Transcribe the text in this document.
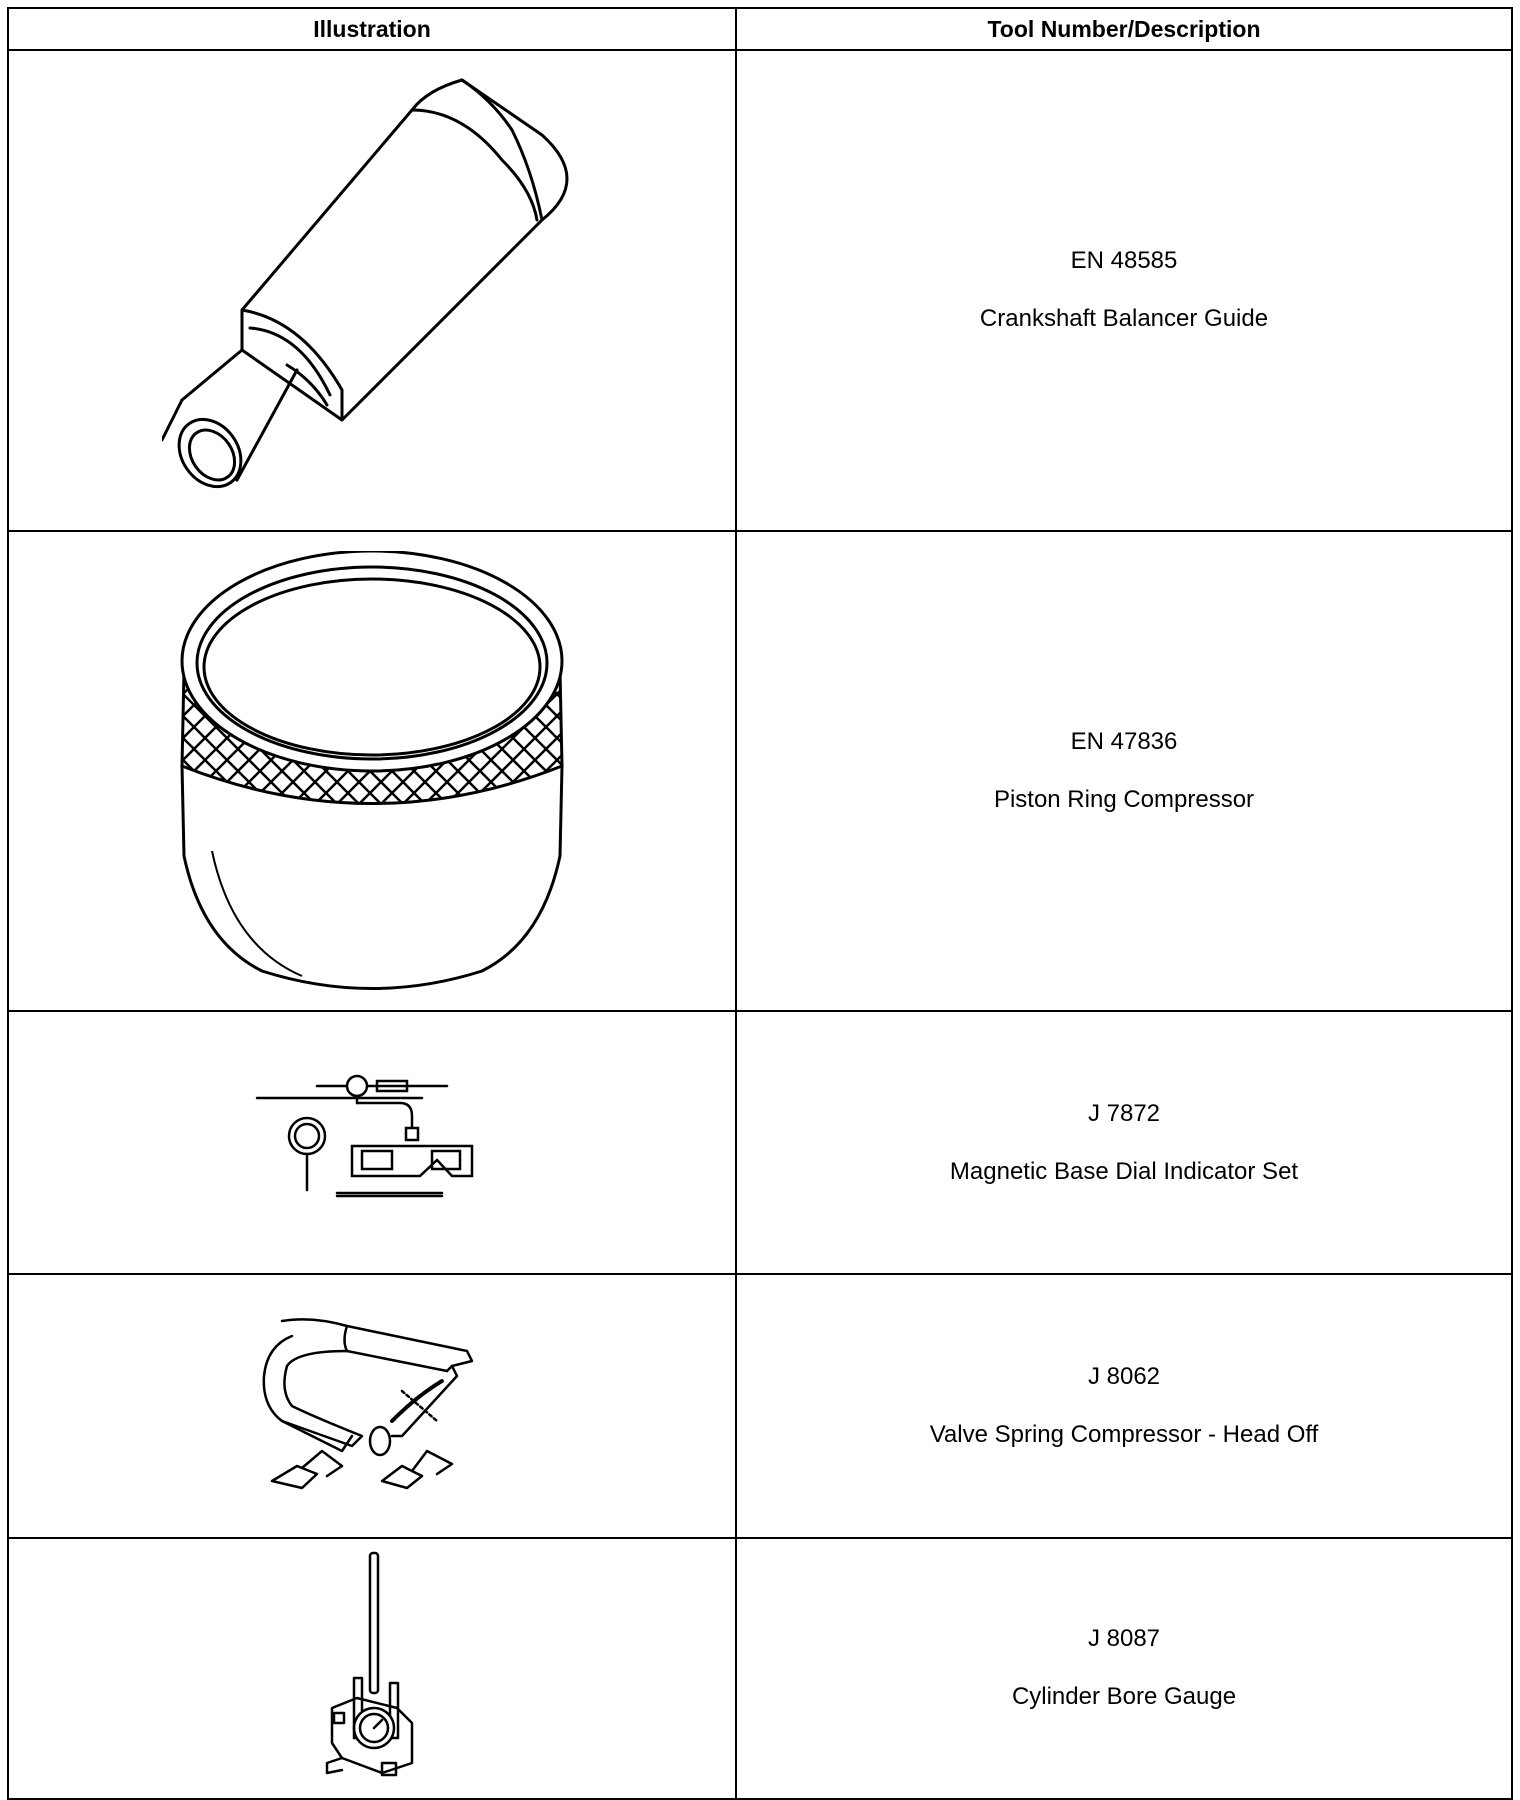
Illustration	Tool Number/Description

EN 48585
Crankshaft Balancer Guide

EN 47836
Piston Ring Compressor

J 7872
Magnetic Base Dial Indicator Set

J 8062
Valve Spring Compressor - Head Off

J 8087
Cylinder Bore Gauge
